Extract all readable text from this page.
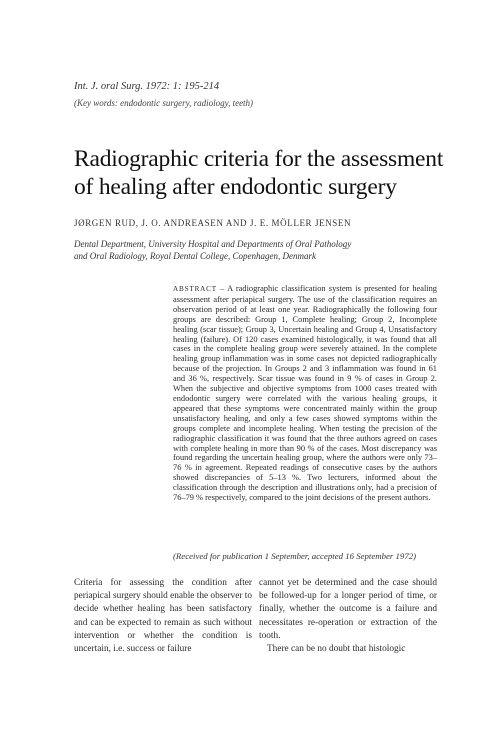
Int. J. oral Surg. 1972: 1: 195-214
(Key words: endodontic surgery, radiology, teeth)
Radiographic criteria for the assessment
of healing after endodontic surgery
JØRGEN RUD, J. O. ANDREASEN AND J. E. MÖLLER JENSEN
Dental Department, University Hospital and Departments of Oral Pathology
and Oral Radiology, Royal Dental College, Copenhagen, Denmark
ABSTRACT – A radiographic classification system is presented for healing assessment after periapical surgery. The use of the classification requires an observation period of at least one year. Radiographically the following four groups are described: Group 1, Complete healing; Group 2, Incomplete healing (scar tissue); Group 3, Uncertain healing and Group 4, Unsatisfactory healing (failure). Of 120 cases examined histologically, it was found that all cases in the complete healing group were severely attained. In the complete healing group inflammation was in some cases not depicted radiographically because of the projection. In Groups 2 and 3 inflammation was found in 61 and 36 %, respectively. Scar tissue was found in 9 % of cases in Group 2. When the subjective and objective symptoms from 1000 cases treated with endodontic surgery were correlated with the various healing groups, it appeared that these symptoms were concentrated mainly within the group unsatisfactory healing, and only a few cases showed symptoms within the groups complete and incomplete healing. When testing the precision of the radiographic classification it was found that the three authors agreed on cases with complete healing in more than 90 % of the cases. Most discrepancy was found regarding the uncertain healing group, where the authors were only 73–76 % in agreement. Repeated readings of consecutive cases by the authors showed discrepancies of 5–13 %. Two lecturers, informed about the classification through the description and illustrations only, had a precision of 76–79 % respectively, compared to the joint decisions of the present authors.
(Received for publication 1 September, accepted 16 September 1972)
Criteria for assessing the condition after periapical surgery should enable the observer to decide whether healing has been satisfactory and can be expected to remain as such without intervention or whether the condition is uncertain, i.e. success or failure
cannot yet be determined and the case should be followed-up for a longer period of time, or finally, whether the outcome is a failure and necessitates re-operation or extraction of the tooth.
There can be no doubt that histologic
